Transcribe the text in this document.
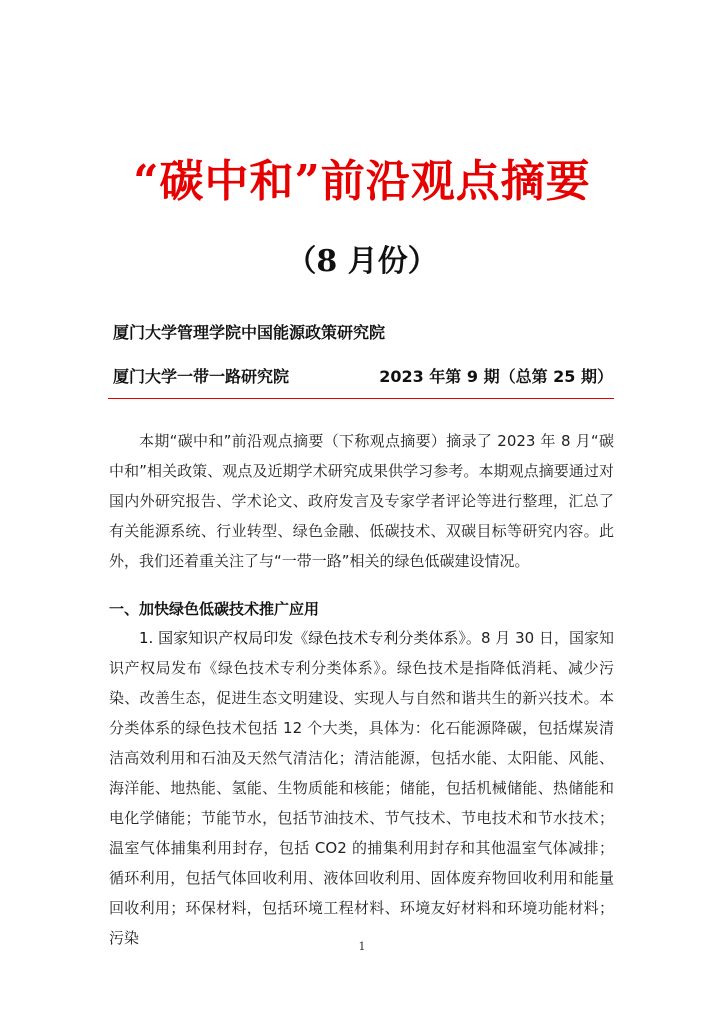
“碳中和”前沿观点摘要
（8 月份）
厦门大学管理学院中国能源政策研究院
厦门大学一带一路研究院	2023 年第 9 期（总第 25 期）

本期“碳中和”前沿观点摘要（下称观点摘要）摘录了 2023 年 8 月“碳中和”相关政策、观点及近期学术研究成果供学习参考。本期观点摘要通过对国内外研究报告、学术论文、政府发言及专家学者评论等进行整理，汇总了有关能源系统、行业转型、绿色金融、低碳技术、双碳目标等研究内容。此外，我们还着重关注了与“一带一路”相关的绿色低碳建设情况。

一、加快绿色低碳技术推广应用

1. 国家知识产权局印发《绿色技术专利分类体系》。8 月 30 日，国家知识产权局发布《绿色技术专利分类体系》。绿色技术是指降低消耗、减少污染、改善生态，促进生态文明建设、实现人与自然和谐共生的新兴技术。本分类体系的绿色技术包括 12 个大类，具体为：化石能源降碳，包括煤炭清洁高效利用和石油及天然气清洁化；清洁能源，包括水能、太阳能、风能、海洋能、地热能、氢能、生物质能和核能；储能，包括机械储能、热储能和电化学储能；节能节水，包括节油技术、节气技术、节电技术和节水技术；温室气体捕集利用封存，包括 CO2 的捕集利用封存和其他温室气体减排；循环利用，包括气体回收利用、液体回收利用、固体废弃物回收利用和能量回收利用；环保材料，包括环境工程材料、环境友好材料和环境功能材料；污染	1
